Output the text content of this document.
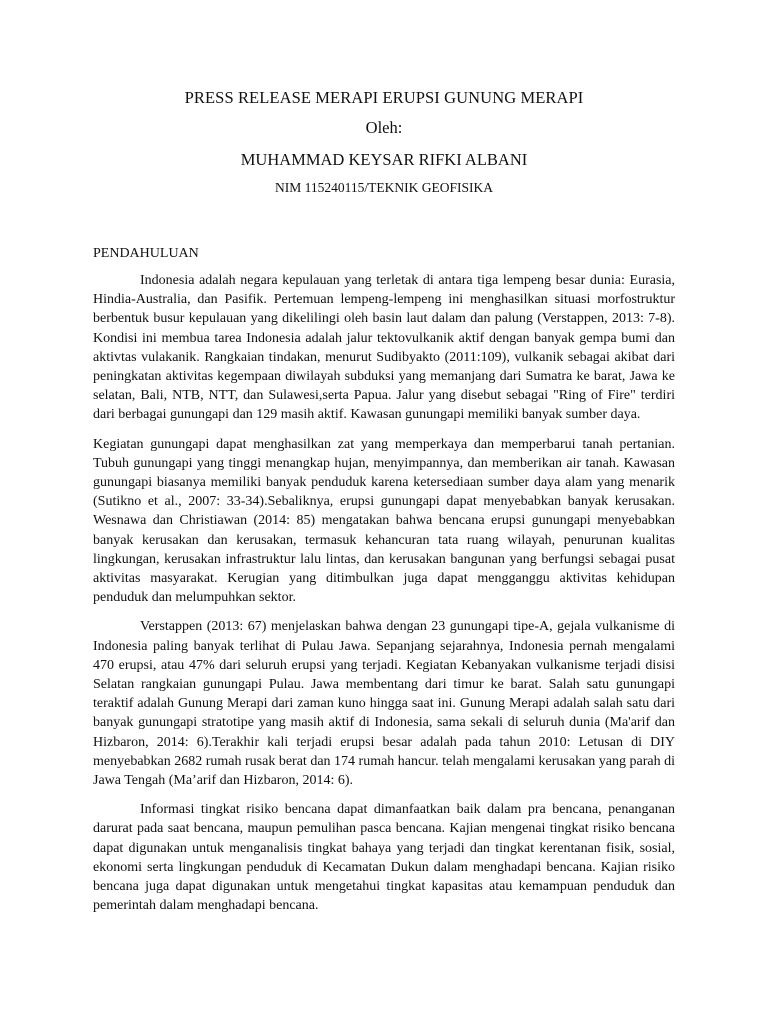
PRESS RELEASE MERAPI ERUPSI GUNUNG MERAPI

Oleh:

MUHAMMAD KEYSAR RIFKI ALBANI

NIM 115240115/TEKNIK GEOFISIKA

PENDAHULUAN

Indonesia adalah negara kepulauan yang terletak di antara tiga lempeng besar dunia: Eurasia, Hindia-Australia, dan Pasifik. Pertemuan lempeng-lempeng ini menghasilkan situasi morfostruktur berbentuk busur kepulauan yang dikelilingi oleh basin laut dalam dan palung (Verstappen, 2013: 7-8). Kondisi ini membua tarea Indonesia adalah jalur tektovulkanik aktif dengan banyak gempa bumi dan aktivtas vulakanik. Rangkaian tindakan, menurut Sudibyakto (2011:109), vulkanik sebagai akibat dari peningkatan aktivitas kegempaan diwilayah subduksi yang memanjang dari Sumatra ke barat, Jawa ke selatan, Bali, NTB, NTT, dan Sulawesi,serta Papua. Jalur yang disebut sebagai "Ring of Fire" terdiri dari berbagai gunungapi dan 129 masih aktif. Kawasan gunungapi memiliki banyak sumber daya.

Kegiatan gunungapi dapat menghasilkan zat yang memperkaya dan memperbarui tanah pertanian. Tubuh gunungapi yang tinggi menangkap hujan, menyimpannya, dan memberikan air tanah. Kawasan gunungapi biasanya memiliki banyak penduduk karena ketersediaan sumber daya alam yang menarik (Sutikno et al., 2007: 33-34).Sebaliknya, erupsi gunungapi dapat menyebabkan banyak kerusakan. Wesnawa dan Christiawan (2014: 85) mengatakan bahwa bencana erupsi gunungapi menyebabkan banyak kerusakan dan kerusakan, termasuk kehancuran tata ruang wilayah, penurunan kualitas lingkungan, kerusakan infrastruktur lalu lintas, dan kerusakan bangunan yang berfungsi sebagai pusat aktivitas masyarakat. Kerugian yang ditimbulkan juga dapat mengganggu aktivitas kehidupan penduduk dan melumpuhkan sektor.

Verstappen (2013: 67) menjelaskan bahwa dengan 23 gunungapi tipe-A, gejala vulkanisme di Indonesia paling banyak terlihat di Pulau Jawa. Sepanjang sejarahnya, Indonesia pernah mengalami 470 erupsi, atau 47% dari seluruh erupsi yang terjadi. Kegiatan Kebanyakan vulkanisme terjadi disisi Selatan rangkaian gunungapi Pulau. Jawa membentang dari timur ke barat. Salah satu gunungapi teraktif adalah Gunung Merapi dari zaman kuno hingga saat ini. Gunung Merapi adalah salah satu dari banyak gunungapi stratotipe yang masih aktif di Indonesia, sama sekali di seluruh dunia (Ma'arif dan Hizbaron, 2014: 6).Terakhir kali terjadi erupsi besar adalah pada tahun 2010: Letusan di DIY menyebabkan 2682 rumah rusak berat dan 174 rumah hancur. telah mengalami kerusakan yang parah di Jawa Tengah (Ma’arif dan Hizbaron, 2014: 6).

Informasi tingkat risiko bencana dapat dimanfaatkan baik dalam pra bencana, penanganan darurat pada saat bencana, maupun pemulihan pasca bencana. Kajian mengenai tingkat risiko bencana dapat digunakan untuk menganalisis tingkat bahaya yang terjadi dan tingkat kerentanan fisik, sosial, ekonomi serta lingkungan penduduk di Kecamatan Dukun dalam menghadapi bencana. Kajian risiko bencana juga dapat digunakan untuk mengetahui tingkat kapasitas atau kemampuan penduduk dan pemerintah dalam menghadapi bencana.
